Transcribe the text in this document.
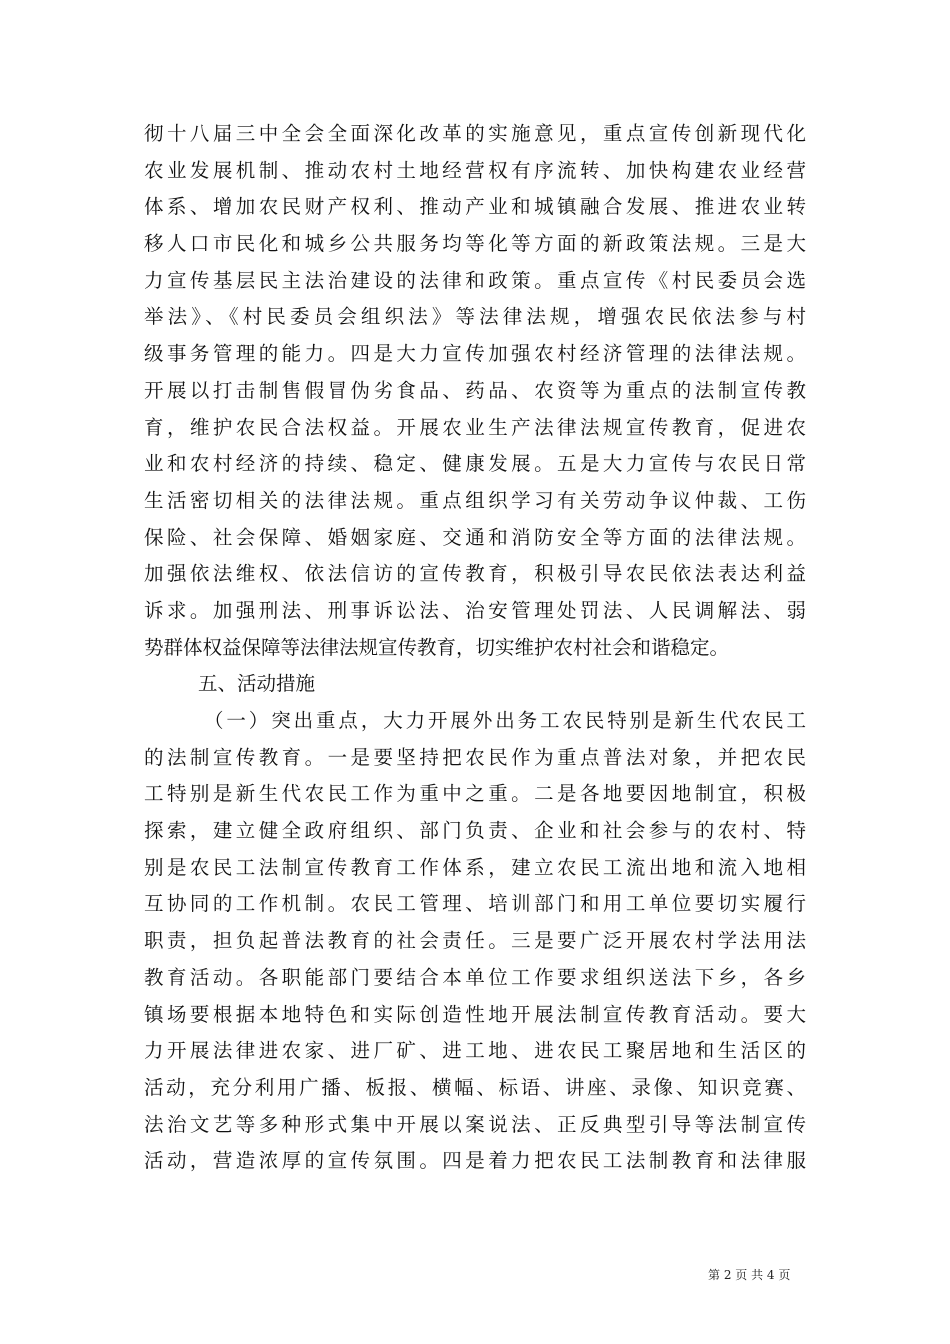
彻十八届三中全会全面深化改革的实施意见，重点宣传创新现代化
农业发展机制、推动农村土地经营权有序流转、加快构建农业经营
体系、增加农民财产权利、推动产业和城镇融合发展、推进农业转
移人口市民化和城乡公共服务均等化等方面的新政策法规。三是大
力宣传基层民主法治建设的法律和政策。重点宣传《村民委员会选
举法》、《村民委员会组织法》等法律法规，增强农民依法参与村
级事务管理的能力。四是大力宣传加强农村经济管理的法律法规。
开展以打击制售假冒伪劣食品、药品、农资等为重点的法制宣传教
育，维护农民合法权益。开展农业生产法律法规宣传教育，促进农
业和农村经济的持续、稳定、健康发展。五是大力宣传与农民日常
生活密切相关的法律法规。重点组织学习有关劳动争议仲裁、工伤
保险、社会保障、婚姻家庭、交通和消防安全等方面的法律法规。
加强依法维权、依法信访的宣传教育，积极引导农民依法表达利益
诉求。加强刑法、刑事诉讼法、治安管理处罚法、人民调解法、弱
势群体权益保障等法律法规宣传教育，切实维护农村社会和谐稳定。
五、活动措施
（一）突出重点，大力开展外出务工农民特别是新生代农民工
的法制宣传教育。一是要坚持把农民作为重点普法对象，并把农民
工特别是新生代农民工作为重中之重。二是各地要因地制宜，积极
探索，建立健全政府组织、部门负责、企业和社会参与的农村、特
别是农民工法制宣传教育工作体系，建立农民工流出地和流入地相
互协同的工作机制。农民工管理、培训部门和用工单位要切实履行
职责，担负起普法教育的社会责任。三是要广泛开展农村学法用法
教育活动。各职能部门要结合本单位工作要求组织送法下乡，各乡
镇场要根据本地特色和实际创造性地开展法制宣传教育活动。要大
力开展法律进农家、进厂矿、进工地、进农民工聚居地和生活区的
活动，充分利用广播、板报、横幅、标语、讲座、录像、知识竞赛、
法治文艺等多种形式集中开展以案说法、正反典型引导等法制宣传
活动，营造浓厚的宣传氛围。四是着力把农民工法制教育和法律服
第 2 页 共 4 页
